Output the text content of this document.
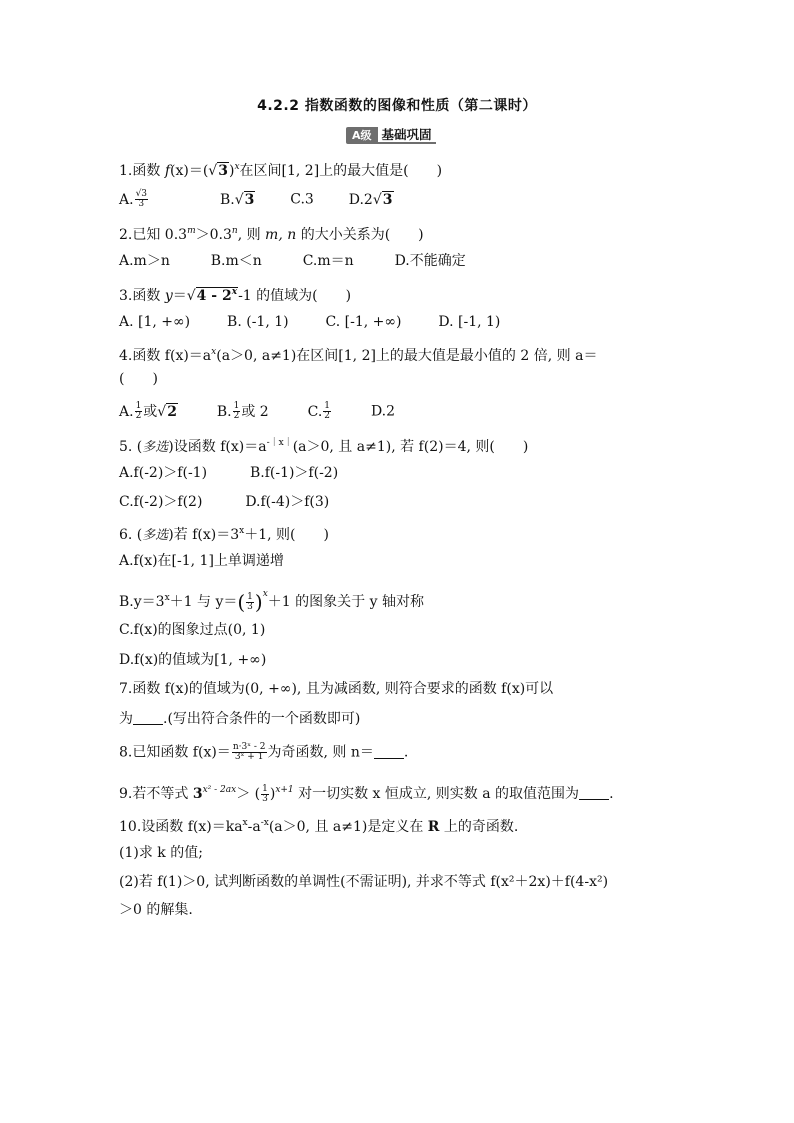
4.2.2 指数函数的图像和性质（第二课时）
A级 基础巩固
1.函数 $f(x)=(√3)^x$在区间[1, 2]上的最大值是(　　)
A. $\frac{√3}{3}$	B.√3	C.3 D.2√3
2.已知 $0.3^m>0.3^n$, 则 m, n 的大小关系为(　　)
A.m＞n	B.m＜n	C.m＝n	D.不能确定
3.函数 y＝√4 - 2$^x$-1 的值域为(　　)
A. [1, +∞)	B. (-1, 1)	C. [-1, +∞)	D. [-1, 1)
4.函数 $f(x)=a^x(a>0$, a≠1)在区间[1, 2]上的最大值是最小值的 2 倍, 则 a＝
(　　)
A. $\frac{1}{2}$ 或√2	B. $\frac{1}{2}$ 或 2	C. $\frac{1}{2}$	D.2
5. (多选)设函数 $f(x)=a^{-|x|}(a>0$, 且 a≠1), 若 f(2)＝4, 则(　　)
A.f(-2)＞f(-1)	B.f(-1)＞f(-2)
C.f(-2)＞f(2)	D.f(-4)＞f(3)
6. (多选)若 $f(x)=3^x+1$, 则(　　)
A.f(x)在[-1, 1]上单调递增
$B.y=3^x+1$ 与 $y=( \frac{1}{3} )^x+1$ 的图象关于 y 轴对称
C.f(x)的图象过点(0, 1)
D.f(x)的值域为[1, +∞)
7.函数 f(x)的值域为(0, +∞), 且为减函数, 则符合要求的函数 f(x)可以
为 .(写出符合条件的一个函数即可)
8.已知函数 $f(x)= \frac{\text{n·3ˣ - 2}}{\text{3ˣ + 1}}$ 为奇函数, 则 n＝ .
9.若不等式 $3^{x^2 - 2ax}>$ ( $\frac{1}{3} )^{x+1}$ 对一切实数 x 恒成立, 则实数 a 的取值范围为 .
10.设函数 $f(x)=ka^x-a^{-x}(a>0$, 且 a≠1)是定义在 R 上的奇函数.
(1)求 k 的值;
(2)若 f(1)＞0, 试判断函数的单调性(不需证明), 并求不等式 f(x²＋2x)＋f(4-x²)
＞0 的解集.
